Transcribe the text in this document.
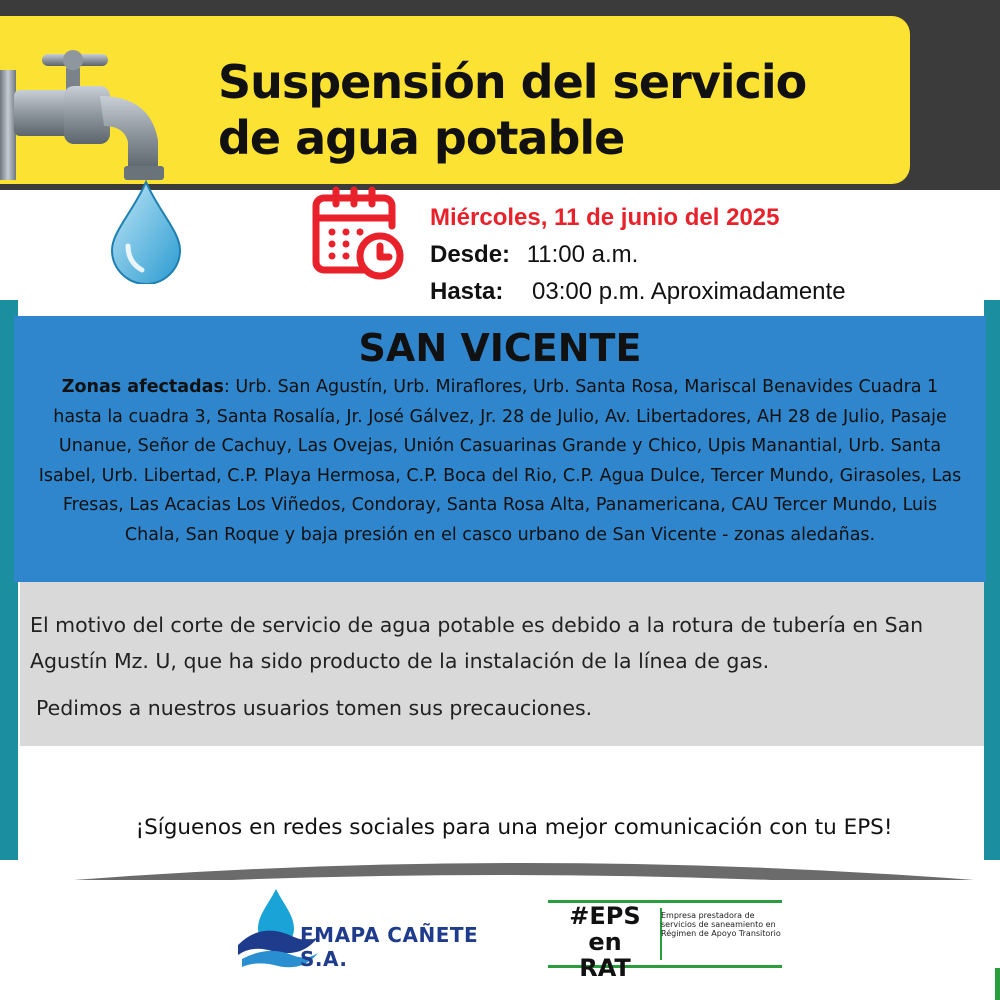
Suspensión del servicio
de agua potable
Miércoles, 11 de junio del 2025
Desde: 11:00 a.m.
Hasta: 03:00 p.m. Aproximadamente
SAN VICENTE
Zonas afectadas: Urb. San Agustín, Urb. Miraflores, Urb. Santa Rosa, Mariscal Benavides Cuadra 1 hasta la cuadra 3, Santa Rosalía, Jr. José Gálvez, Jr. 28 de Julio, Av. Libertadores, AH 28 de Julio, Pasaje Unanue, Señor de Cachuy, Las Ovejas, Unión Casuarinas Grande y Chico, Upis Manantial, Urb. Santa Isabel, Urb. Libertad, C.P. Playa Hermosa, C.P. Boca del Rio, C.P. Agua Dulce, Tercer Mundo, Girasoles, Las Fresas, Las Acacias Los Viñedos, Condoray, Santa Rosa Alta, Panamericana, CAU Tercer Mundo, Luis Chala, San Roque y baja presión en el casco urbano de San Vicente - zonas aledañas.
El motivo del corte de servicio de agua potable es debido a la rotura de tubería en San Agustín Mz. U, que ha sido producto de la instalación de la línea de gas.
Pedimos a nuestros usuarios tomen sus precauciones.
¡Síguenos en redes sociales para una mejor comunicación con tu EPS!
EMAPA CAÑETE S.A.
#EPS en
RAT
Empresa prestadora de servicios de saneamiento en Régimen de Apoyo Transitorio
